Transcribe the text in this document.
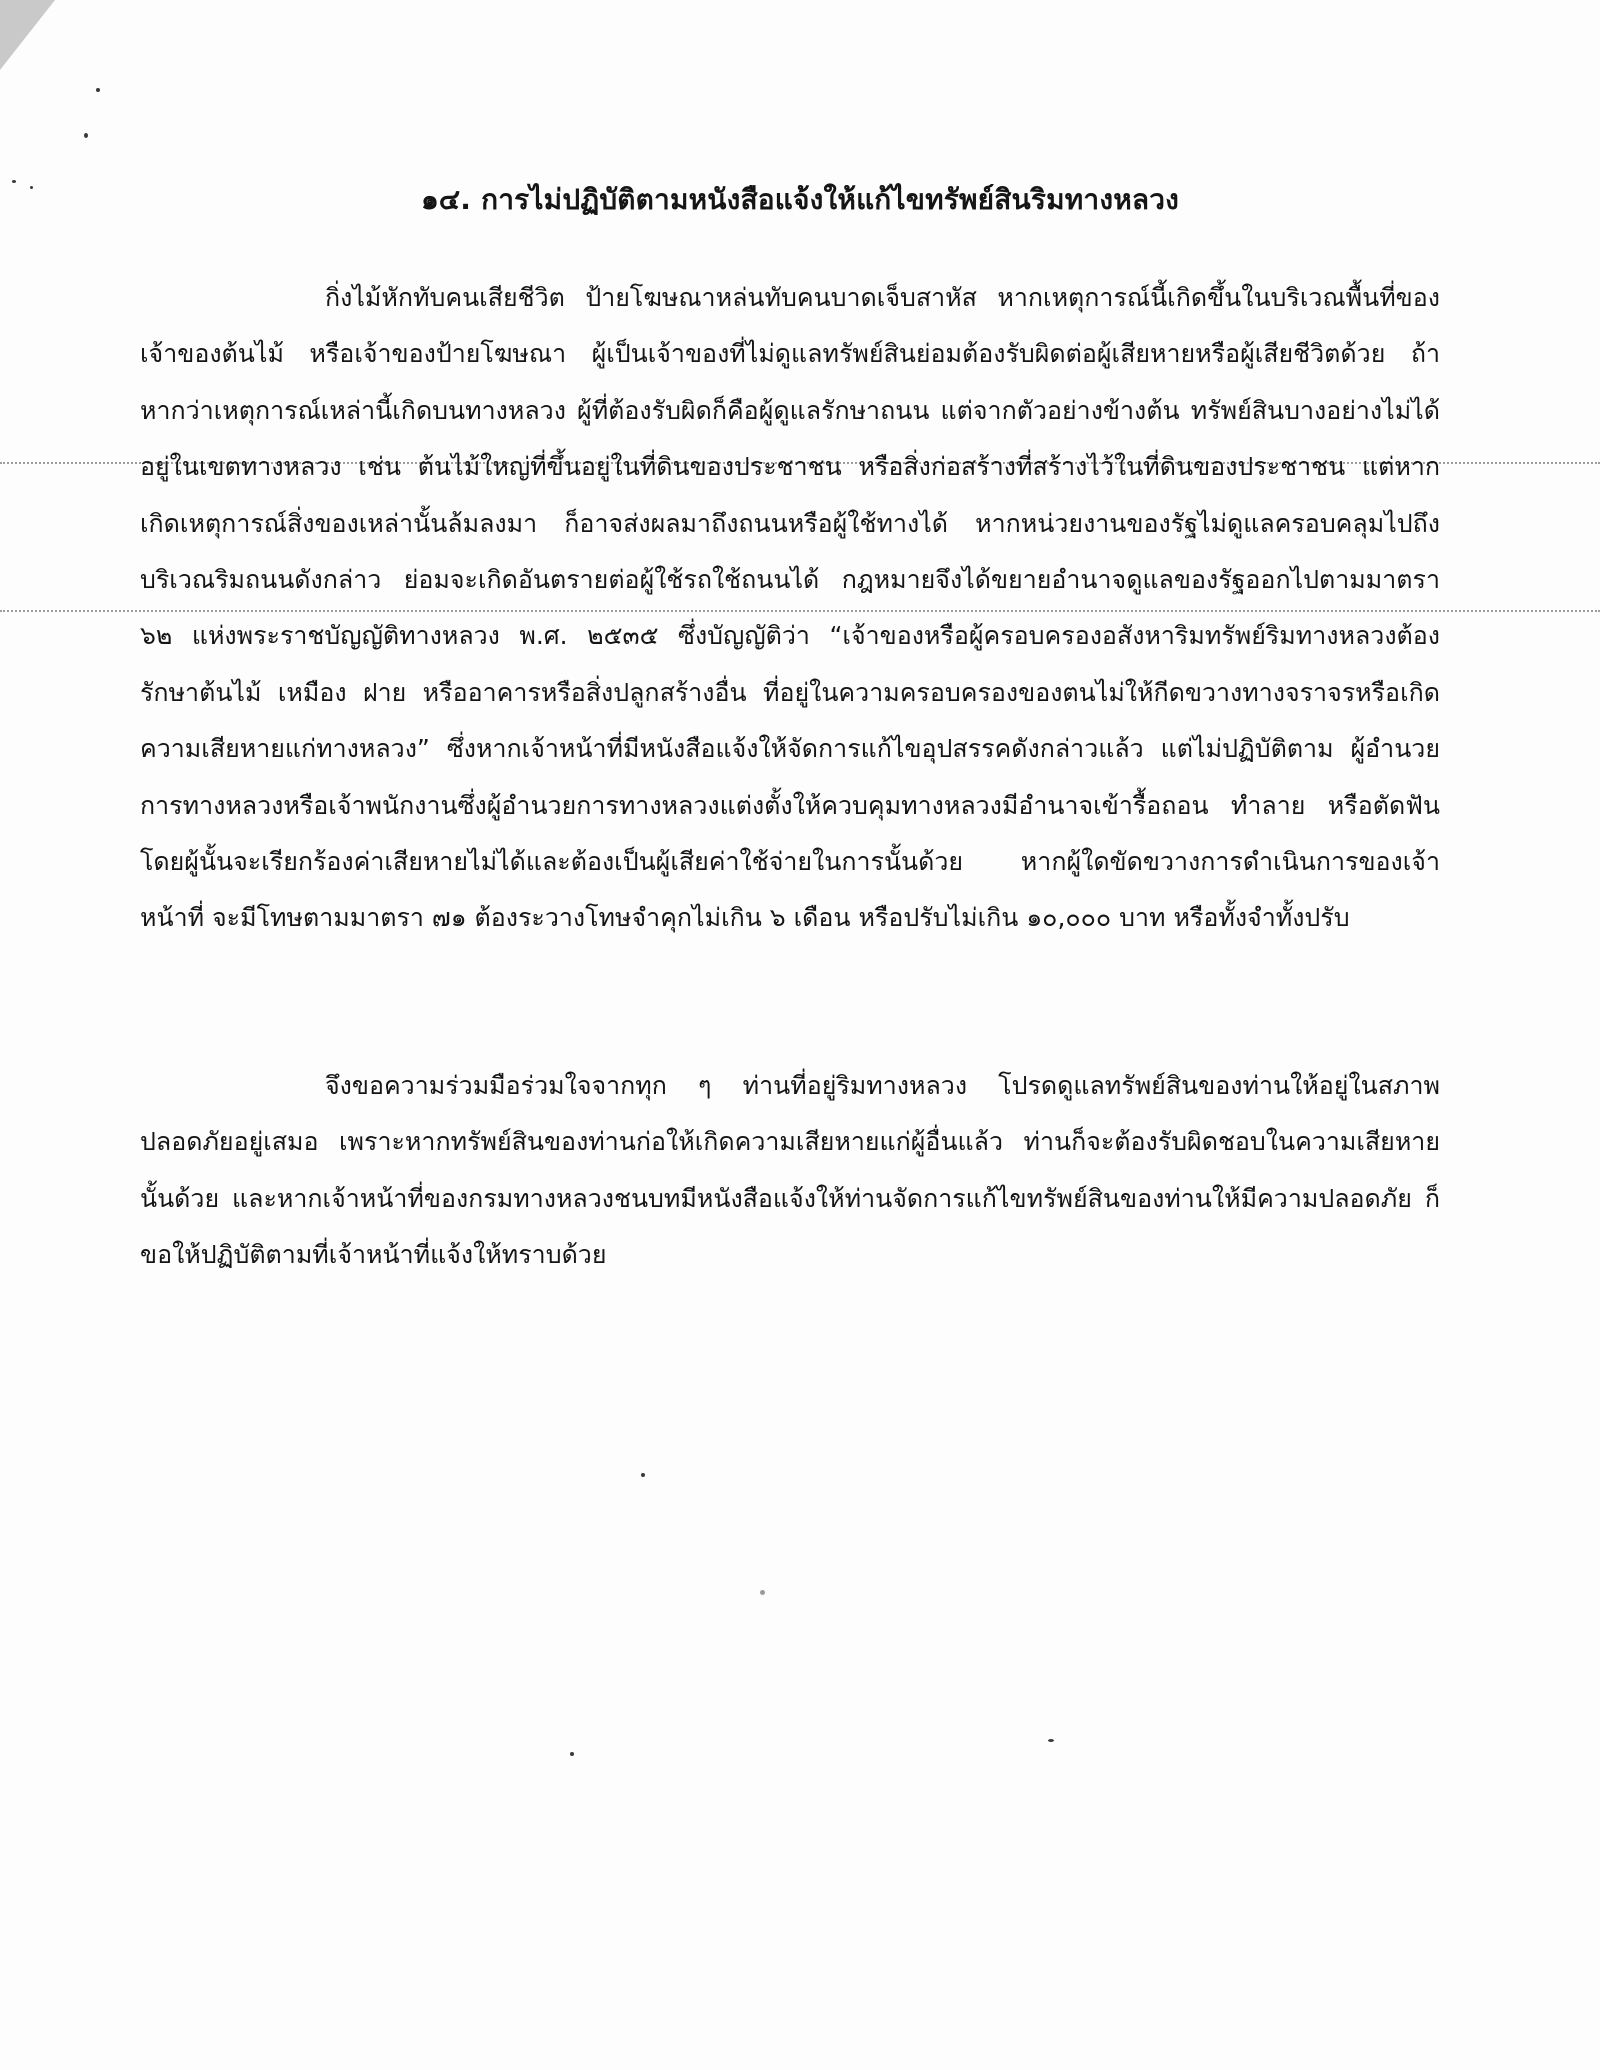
๑๔. การไม่ปฏิบัติตามหนังสือแจ้งให้แก้ไขทรัพย์สินริมทางหลวง

กิ่งไม้หักทับคนเสียชีวิต ป้ายโฆษณาหล่นทับคนบาดเจ็บสาหัส หากเหตุการณ์นี้เกิดขึ้นในบริเวณพื้นที่ของเจ้าของต้นไม้ หรือเจ้าของป้ายโฆษณา ผู้เป็นเจ้าของที่ไม่ดูแลทรัพย์สินย่อมต้องรับผิดต่อผู้เสียหายหรือผู้เสียชีวิตด้วย ถ้าหากว่าเหตุการณ์เหล่านี้เกิดบนทางหลวง ผู้ที่ต้องรับผิดก็คือผู้ดูแลรักษาถนน แต่จากตัวอย่างข้างต้น ทรัพย์สินบางอย่างไม่ได้อยู่ในเขตทางหลวง เช่น ต้นไม้ใหญ่ที่ขึ้นอยู่ในที่ดินของประชาชน หรือสิ่งก่อสร้างที่สร้างไว้ในที่ดินของประชาชน แต่หากเกิดเหตุการณ์สิ่งของเหล่านั้นล้มลงมา ก็อาจส่งผลมาถึงถนนหรือผู้ใช้ทางได้ หากหน่วยงานของรัฐไม่ดูแลครอบคลุมไปถึงบริเวณริมถนนดังกล่าว ย่อมจะเกิดอันตรายต่อผู้ใช้รถใช้ถนนได้ กฎหมายจึงได้ขยายอำนาจดูแลของรัฐออกไปตามมาตรา ๖๒ แห่งพระราชบัญญัติทางหลวง พ.ศ. ๒๕๓๕ ซึ่งบัญญัติว่า “เจ้าของหรือผู้ครอบครองอสังหาริมทรัพย์ริมทางหลวงต้องรักษาต้นไม้ เหมือง ฝาย หรืออาคารหรือสิ่งปลูกสร้างอื่น ที่อยู่ในความครอบครองของตนไม่ให้กีดขวางทางจราจรหรือเกิดความเสียหายแก่ทางหลวง” ซึ่งหากเจ้าหน้าที่มีหนังสือแจ้งให้จัดการแก้ไขอุปสรรคดังกล่าวแล้ว แต่ไม่ปฏิบัติตาม ผู้อำนวยการทางหลวงหรือเจ้าพนักงานซึ่งผู้อำนวยการทางหลวงแต่งตั้งให้ควบคุมทางหลวงมีอำนาจเข้ารื้อถอน ทำลาย หรือตัดฟัน โดยผู้นั้นจะเรียกร้องค่าเสียหายไม่ได้และต้องเป็นผู้เสียค่าใช้จ่ายในการนั้นด้วย หากผู้ใดขัดขวางการดำเนินการของเจ้าหน้าที่ จะมีโทษตามมาตรา ๗๑ ต้องระวางโทษจำคุกไม่เกิน ๖ เดือน หรือปรับไม่เกิน ๑๐,๐๐๐ บาท หรือทั้งจำทั้งปรับ

จึงขอความร่วมมือร่วมใจจากทุก ๆ ท่านที่อยู่ริมทางหลวง โปรดดูแลทรัพย์สินของท่านให้อยู่ในสภาพปลอดภัยอยู่เสมอ เพราะหากทรัพย์สินของท่านก่อให้เกิดความเสียหายแก่ผู้อื่นแล้ว ท่านก็จะต้องรับผิดชอบในความเสียหายนั้นด้วย และหากเจ้าหน้าที่ของกรมทางหลวงชนบทมีหนังสือแจ้งให้ท่านจัดการแก้ไขทรัพย์สินของท่านให้มีความปลอดภัย ก็ขอให้ปฏิบัติตามที่เจ้าหน้าที่แจ้งให้ทราบด้วย
